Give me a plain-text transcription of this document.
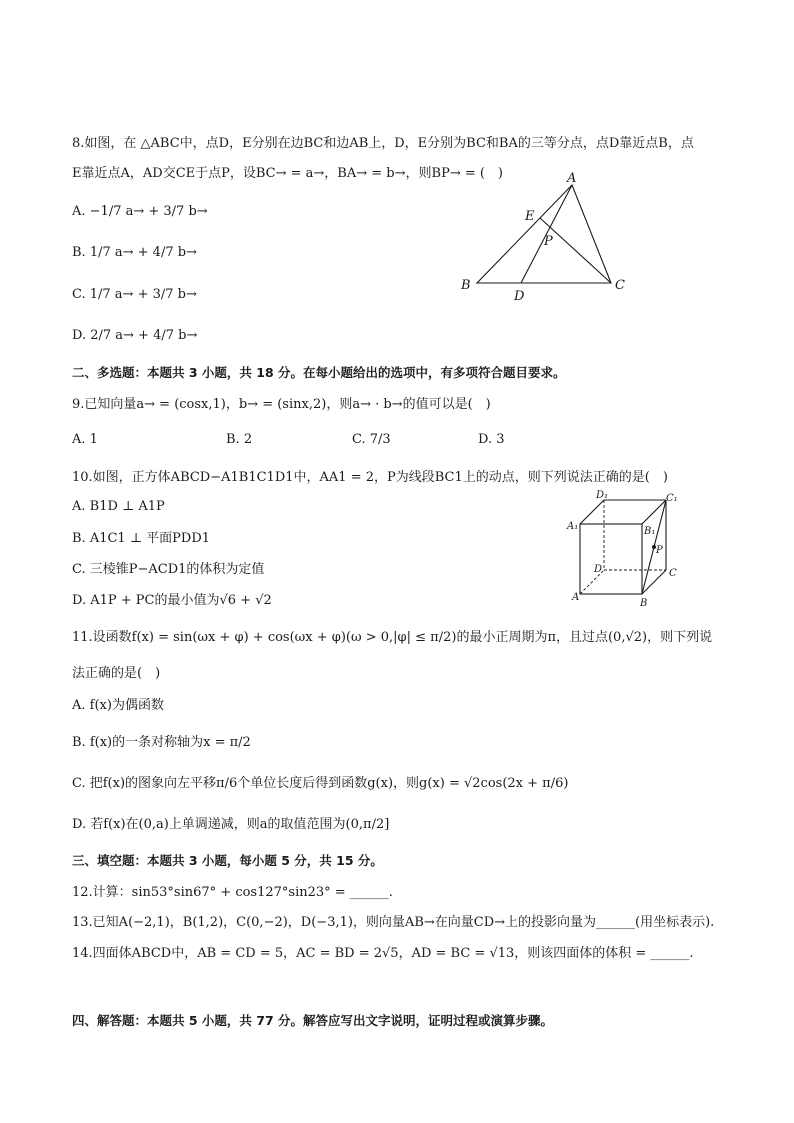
8.如图，在 △ABC中，点D，E分别在边BC和边AB上，D，E分别为BC和BA的三等分点，点D靠近点B，点
E靠近点A，AD交CE于点P，设BC→ = a→，BA→ = b→，则BP→ = (　)
A. −1/7 a→ + 3/7 b→
B. 1/7 a→ + 4/7 b→
C. 1/7 a→ + 3/7 b→
D. 2/7 a→ + 4/7 b→
A
B	C
D
E
P
二、多选题：本题共 3 小题，共 18 分。在每小题给出的选项中，有多项符合题目要求。
9.已知向量a→ = (cosx,1)，b→ = (sinx,2)，则a→ · b→的值可以是(　)
A. 1	B. 2	C. 7/3	D. 3
10.如图，正方体ABCD−A1B1C1D1中，AA1 = 2，P为线段BC1上的动点，则下列说法正确的是(　)
A. B1D ⊥ A1P
B. A1C1 ⊥ 平面PDD1
C. 三棱锥P−ACD1的体积为定值
D. A1P + PC的最小值为√6 + √2
D₁	C₁
A₁	B₁
P
D	C
A
B
11.设函数f(x) = sin(ωx + φ) + cos(ωx + φ)(ω > 0,|φ| ≤ π/2)的最小正周期为π，且过点(0,√2)，则下列说
法正确的是(　)
A. f(x)为偶函数
B. f(x)的一条对称轴为x = π/2
C. 把f(x)的图象向左平移π/6个单位长度后得到函数g(x)，则g(x) = √2cos(2x + π/6)
D. 若f(x)在(0,a)上单调递减，则a的取值范围为(0,π/2]
三、填空题：本题共 3 小题，每小题 5 分，共 15 分。
12.计算：sin53°sin67° + cos127°sin23° = ______.
13.已知A(−2,1)，B(1,2)，C(0,−2)，D(−3,1)，则向量AB→在向量CD→上的投影向量为______(用坐标表示).
14.四面体ABCD中，AB = CD = 5，AC = BD = 2√5，AD = BC = √13，则该四面体的体积 = ______.
四、解答题：本题共 5 小题，共 77 分。解答应写出文字说明，证明过程或演算步骤。
